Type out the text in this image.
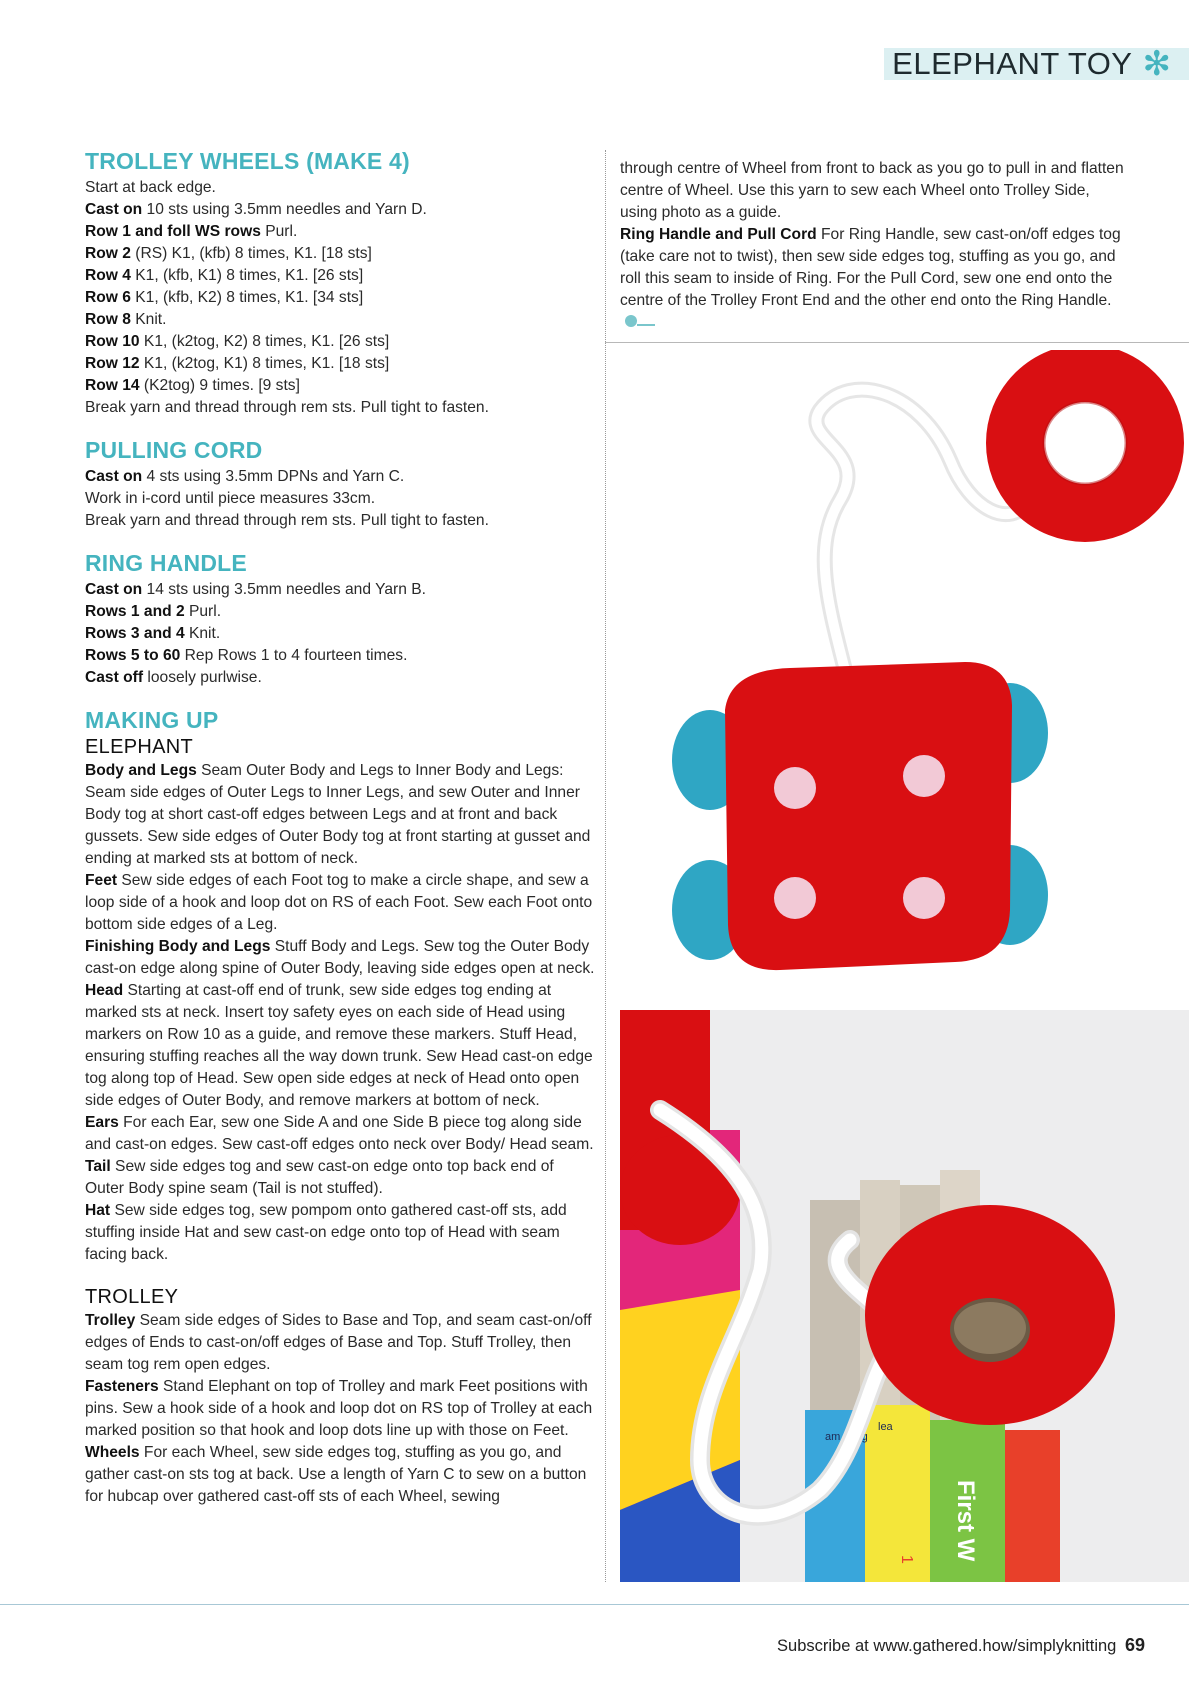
ELEPHANT TOY ✻
TROLLEY WHEELS (MAKE 4)

Start at back edge.

Cast on 10 sts using 3.5mm needles and Yarn D.

Row 1 and foll WS rows Purl.

Row 2 (RS) K1, (kfb) 8 times, K1. [18 sts]

Row 4 K1, (kfb, K1) 8 times, K1. [26 sts]

Row 6 K1, (kfb, K2) 8 times, K1. [34 sts]

Row 8 Knit.

Row 10 K1, (k2tog, K2) 8 times, K1. [26 sts]

Row 12 K1, (k2tog, K1) 8 times, K1. [18 sts]

Row 14 (K2tog) 9 times. [9 sts]

Break yarn and thread through rem sts. Pull tight to fasten.

PULLING CORD

Cast on 4 sts using 3.5mm DPNs and Yarn C.

Work in i-cord until piece measures 33cm.

Break yarn and thread through rem sts. Pull tight to fasten.

RING HANDLE

Cast on 14 sts using 3.5mm needles and Yarn B.

Rows 1 and 2 Purl.

Rows 3 and 4 Knit.

Rows 5 to 60 Rep Rows 1 to 4 fourteen times.

Cast off loosely purlwise.

MAKING UP
ELEPHANT

Body and Legs Seam Outer Body and Legs to Inner Body and Legs: Seam side edges of Outer Legs to Inner Legs, and sew Outer and Inner Body tog at short cast-off edges between Legs and at front and back gussets. Sew side edges of Outer Body tog at front starting at gusset and ending at marked sts at bottom of neck.

Feet Sew side edges of each Foot tog to make a circle shape, and sew a loop side of a hook and loop dot on RS of each Foot. Sew each Foot onto bottom side edges of a Leg.

Finishing Body and Legs Stuff Body and Legs. Sew tog the Outer Body cast-on edge along spine of Outer Body, leaving side edges open at neck.

Head Starting at cast-off end of trunk, sew side edges tog ending at marked sts at neck. Insert toy safety eyes on each side of Head using markers on Row 10 as a guide, and remove these markers. Stuff Head, ensuring stuffing reaches all the way down trunk. Sew Head cast-on edge tog along top of Head. Sew open side edges at neck of Head onto open side edges of Outer Body, and remove markers at bottom of neck.

Ears For each Ear, sew one Side A and one Side B piece tog along side and cast-on edges. Sew cast-off edges onto neck over Body/ Head seam.

Tail Sew side edges tog and sew cast-on edge onto top back end of Outer Body spine seam (Tail is not stuffed).

Hat Sew side edges tog, sew pompom onto gathered cast-off sts, add stuffing inside Hat and sew cast-on edge onto top of Head with seam facing back.

TROLLEY

Trolley Seam side edges of Sides to Base and Top, and seam cast-on/off edges of Ends to cast-on/off edges of Base and Top. Stuff Trolley, then seam tog rem open edges.

Fasteners Stand Elephant on top of Trolley and mark Feet positions with pins. Sew a hook side of a hook and loop dot on RS top of Trolley at each marked position so that hook and loop dots line up with those on Feet.

Wheels For each Wheel, sew side edges tog, stuffing as you go, and gather cast-on sts tog at back. Use a length of Yarn C to sew on a button for hubcap over gathered cast-off sts of each Wheel, sewing

through centre of Wheel from front to back as you go to pull in and flatten centre of Wheel. Use this yarn to sew each Wheel onto Trolley Side, using photo as a guide.

Ring Handle and Pull Cord For Ring Handle, sew cast-on/off edges tog (take care not to twist), then sew side edges tog, stuffing as you go, and roll this seam to inside of Ring. For the Pull Cord, sew one end onto the centre of the Trolley Front End and the other end onto the Ring Handle.

am rning
lea
First W
1
Subscribe at www.gathered.how/simplyknitting 69
